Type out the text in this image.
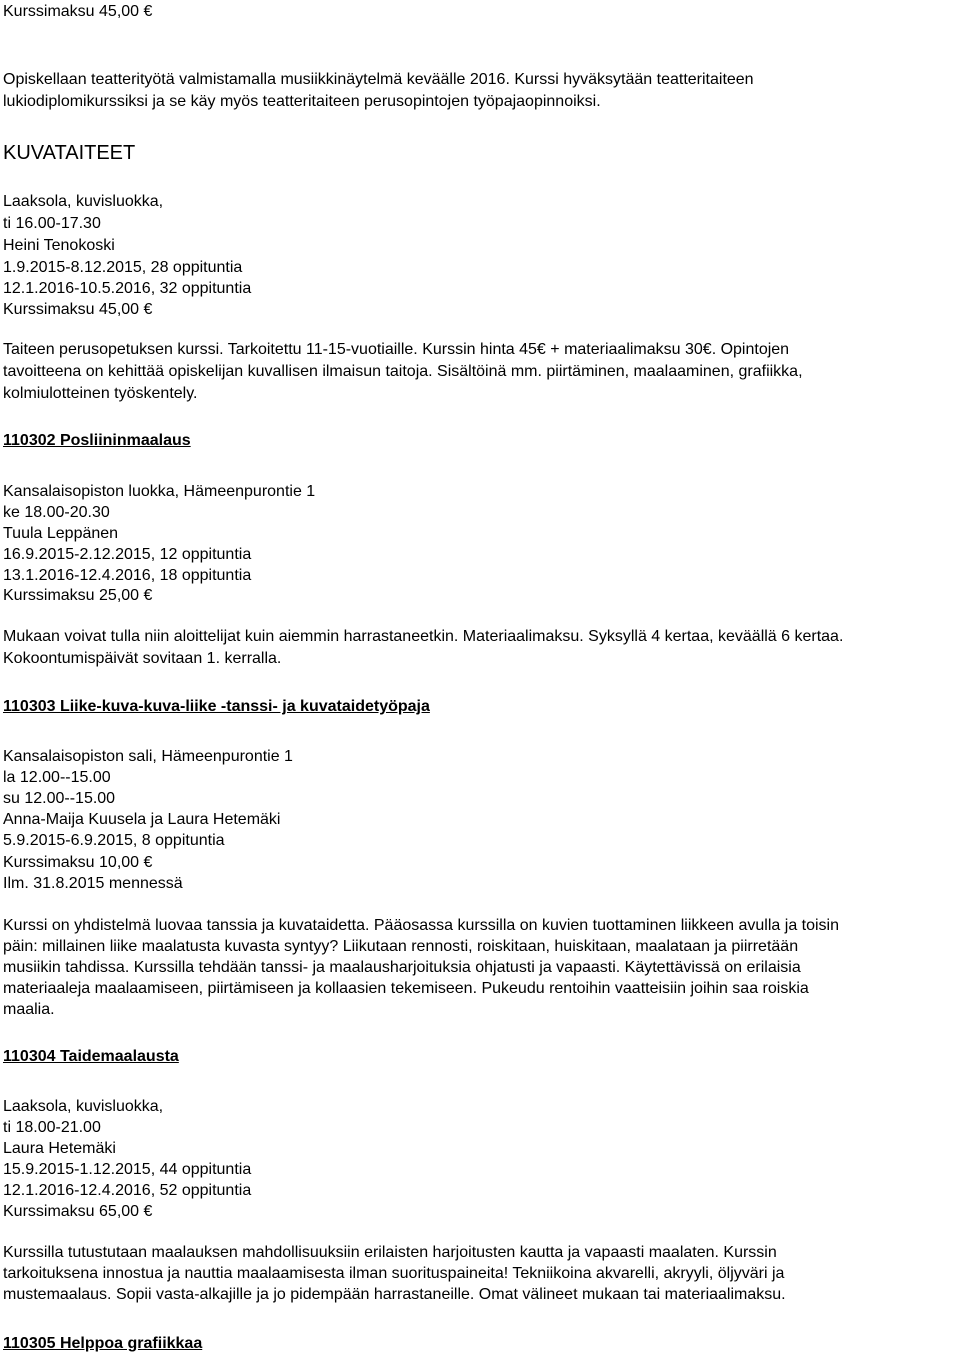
Kurssimaksu 45,00 €
Opiskellaan teatterityötä valmistamalla musiikkinäytelmä keväälle 2016. Kurssi hyväksytään teatteritaiteen
lukiodiplomikurssiksi ja se käy myös teatteritaiteen perusopintojen työpajaopinnoiksi.
KUVATAITEET
Laaksola, kuvisluokka,
ti 16.00-17.30
Heini Tenokoski
1.9.2015-8.12.2015, 28 oppituntia
12.1.2016-10.5.2016, 32 oppituntia
Kurssimaksu 45,00 €
Taiteen perusopetuksen kurssi. Tarkoitettu 11-15-vuotiaille. Kurssin hinta 45€ + materiaalimaksu 30€. Opintojen
tavoitteena on kehittää opiskelijan kuvallisen ilmaisun taitoja. Sisältöinä mm. piirtäminen, maalaaminen, grafiikka,
kolmiulotteinen työskentely.
110302 Posliininmaalaus
Kansalaisopiston luokka, Hämeenpurontie 1
ke 18.00-20.30
Tuula Leppänen
16.9.2015-2.12.2015, 12 oppituntia
13.1.2016-12.4.2016, 18 oppituntia
Kurssimaksu 25,00 €
Mukaan voivat tulla niin aloittelijat kuin aiemmin harrastaneetkin. Materiaalimaksu. Syksyllä 4 kertaa, keväällä 6 kertaa.
Kokoontumispäivät sovitaan 1. kerralla.
110303 Liike-kuva-kuva-liike -tanssi- ja kuvataidetyöpaja
Kansalaisopiston sali, Hämeenpurontie 1
la 12.00--15.00
su 12.00--15.00
Anna-Maija Kuusela ja Laura Hetemäki
5.9.2015-6.9.2015, 8 oppituntia
Kurssimaksu 10,00 €
Ilm. 31.8.2015 mennessä
Kurssi on yhdistelmä luovaa tanssia ja kuvataidetta. Pääosassa kurssilla on kuvien tuottaminen liikkeen avulla ja toisin
päin: millainen liike maalatusta kuvasta syntyy? Liikutaan rennosti, roiskitaan, huiskitaan, maalataan ja piirretään
musiikin tahdissa. Kurssilla tehdään tanssi- ja maalausharjoituksia ohjatusti ja vapaasti. Käytettävissä on erilaisia
materiaaleja maalaamiseen, piirtämiseen ja kollaasien tekemiseen. Pukeudu rentoihin vaatteisiin joihin saa roiskia
maalia.
110304 Taidemaalausta
Laaksola, kuvisluokka,
ti 18.00-21.00
Laura Hetemäki
15.9.2015-1.12.2015, 44 oppituntia
12.1.2016-12.4.2016, 52 oppituntia
Kurssimaksu 65,00 €
Kurssilla tutustutaan maalauksen mahdollisuuksiin erilaisten harjoitusten kautta ja vapaasti maalaten. Kurssin
tarkoituksena innostua ja nauttia maalaamisesta ilman suorituspaineita! Tekniikoina akvarelli, akryyli, öljyväri ja
mustemaalaus. Sopii vasta-alkajille ja jo pidempään harrastaneille. Omat välineet mukaan tai materiaalimaksu.
110305 Helppoa grafiikkaa
